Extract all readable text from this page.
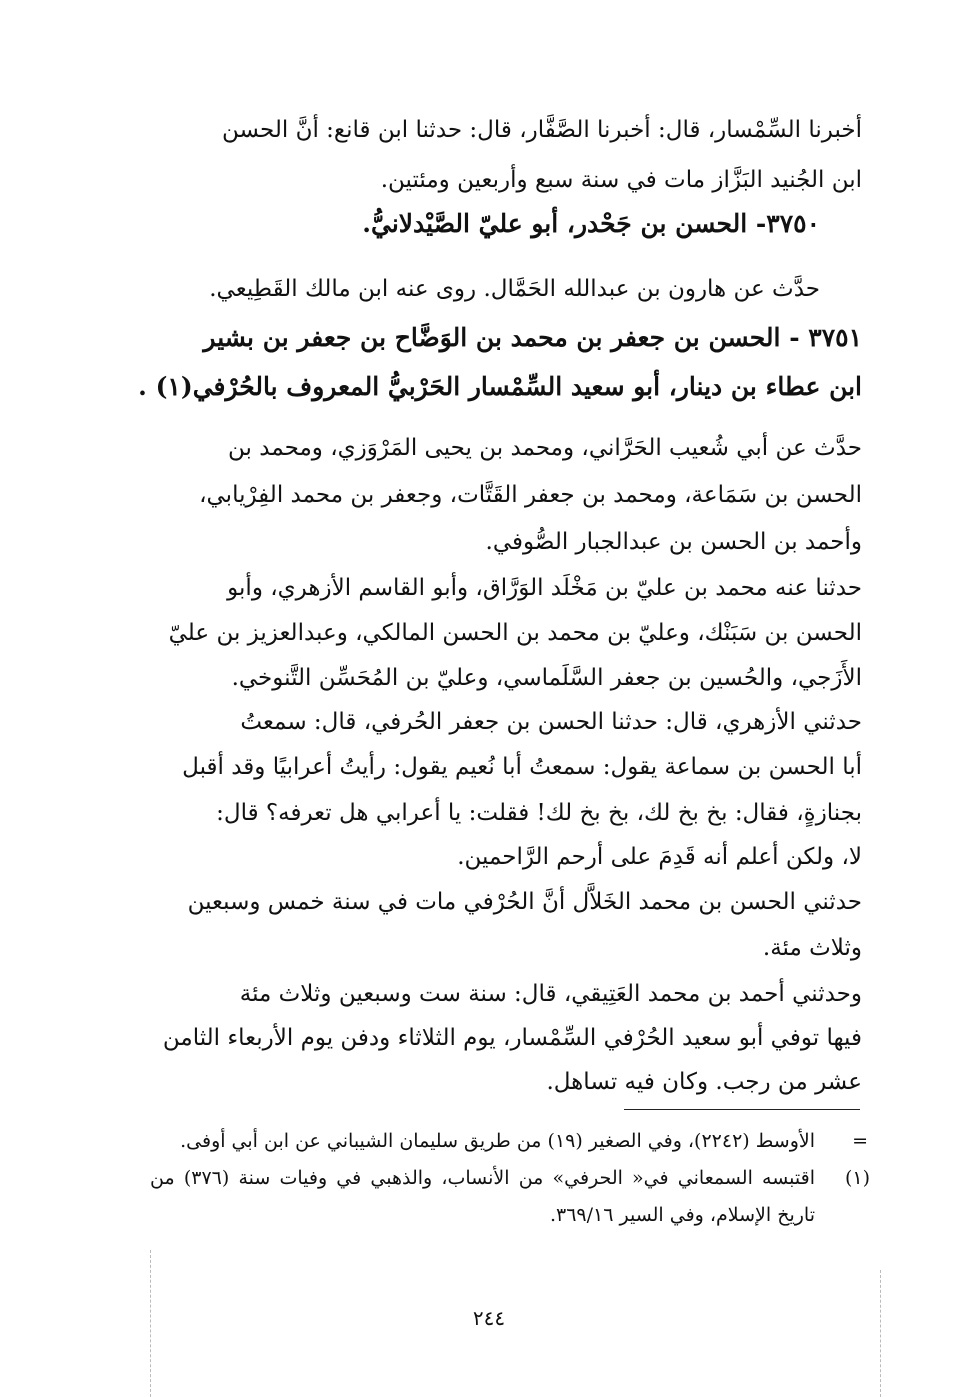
أخبرنا السِّمْسار، قال: أخبرنا الصَّفَّار، قال: حدثنا ابن قانع: أنَّ الحسن
ابن الجُنيد البَزَّاز مات في سنة سبع وأربعين ومئتين.
٣٧٥٠- الحسن بن جَحْدر، أبو عليّ الصَّيْدلانيُّ.
حدَّث عن هارون بن عبدالله الحَمَّال. روى عنه ابن مالك القَطِيعي.
٣٧٥١ - الحسن بن جعفر بن محمد بن الوَضَّاح بن جعفر بن بشير
ابن عطاء بن دينار، أبو سعيد السِّمْسار الحَرْبيُّ المعروف بالحُرْفي(١) .
حدَّث عن أبي شُعيب الحَرَّاني، ومحمد بن يحيى المَرْوَزي، ومحمد بن
الحسن بن سَمَاعة، ومحمد بن جعفر القَتَّات، وجعفر بن محمد الفِرْيابي،
وأحمد بن الحسن بن عبدالجبار الصُّوفي.
حدثنا عنه محمد بن عليّ بن مَخْلَد الوَرَّاق، وأبو القاسم الأزهري، وأبو
الحسن بن سَبَنْك، وعليّ بن محمد بن الحسن المالكي، وعبدالعزيز بن عليّ
الأَزَجي، والحُسين بن جعفر السَّلَماسي، وعليّ بن المُحَسِّن التَّنوخي.
حدثني الأزهري، قال: حدثنا الحسن بن جعفر الحُرفي، قال: سمعتُ
أبا الحسن بن سماعة يقول: سمعتُ أبا نُعيم يقول: رأيتُ أعرابيًا وقد أقبل
بجنازةٍ، فقال: بخ بخ لك، بخ بخ لك! فقلت: يا أعرابي هل تعرفه؟ قال:
لا، ولكن أعلم أنه قَدِمَ على أرحم الرَّاحمين.
حدثني الحسن بن محمد الخَلاَّل أنَّ الحُرْفي مات في سنة خمس وسبعين
وثلاث مئة.
وحدثني أحمد بن محمد العَتِيقي، قال: سنة ست وسبعين وثلاث مئة
فيها توفي أبو سعيد الحُرْفي السِّمْسار، يوم الثلاثاء ودفن يوم الأربعاء الثامن
عشر من رجب. وكان فيه تساهل.
=
الأوسط (٢٢٤٢)، وفي الصغير (١٩) من طريق سليمان الشيباني عن ابن أبي أوفى.
(١)
اقتبسه السمعاني في« الحرفي» من الأنساب، والذهبي في وفيات سنة (٣٧٦) من
تاريخ الإسلام، وفي السير ٣٦٩/١٦.
٢٤٤
